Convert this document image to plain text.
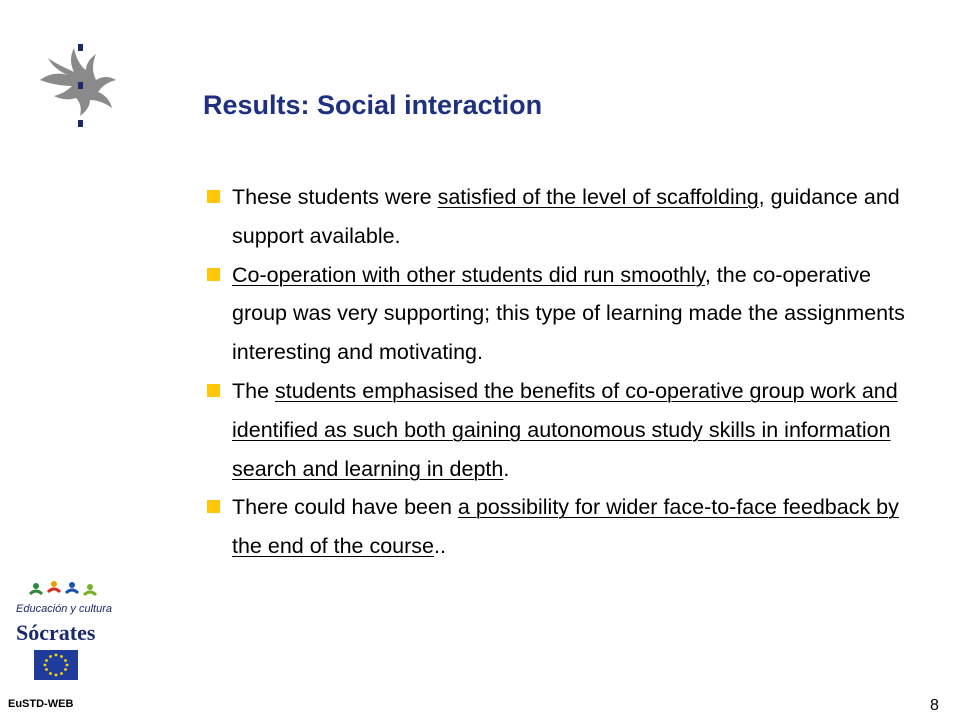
Results: Social interaction
These students were satisfied of the level of scaffolding, guidance and support available.
Co-operation with other students did run smoothly, the co-operative group was very supporting; this type of learning made the assignments interesting and motivating.
The students emphasised the benefits of co-operative group work and identified as such both gaining autonomous study skills in information search and learning in depth.
There could have been a possibility for wider face-to-face feedback by the end of the course..
Educación y cultura
Sócrates
EuSTD-WEB	8
